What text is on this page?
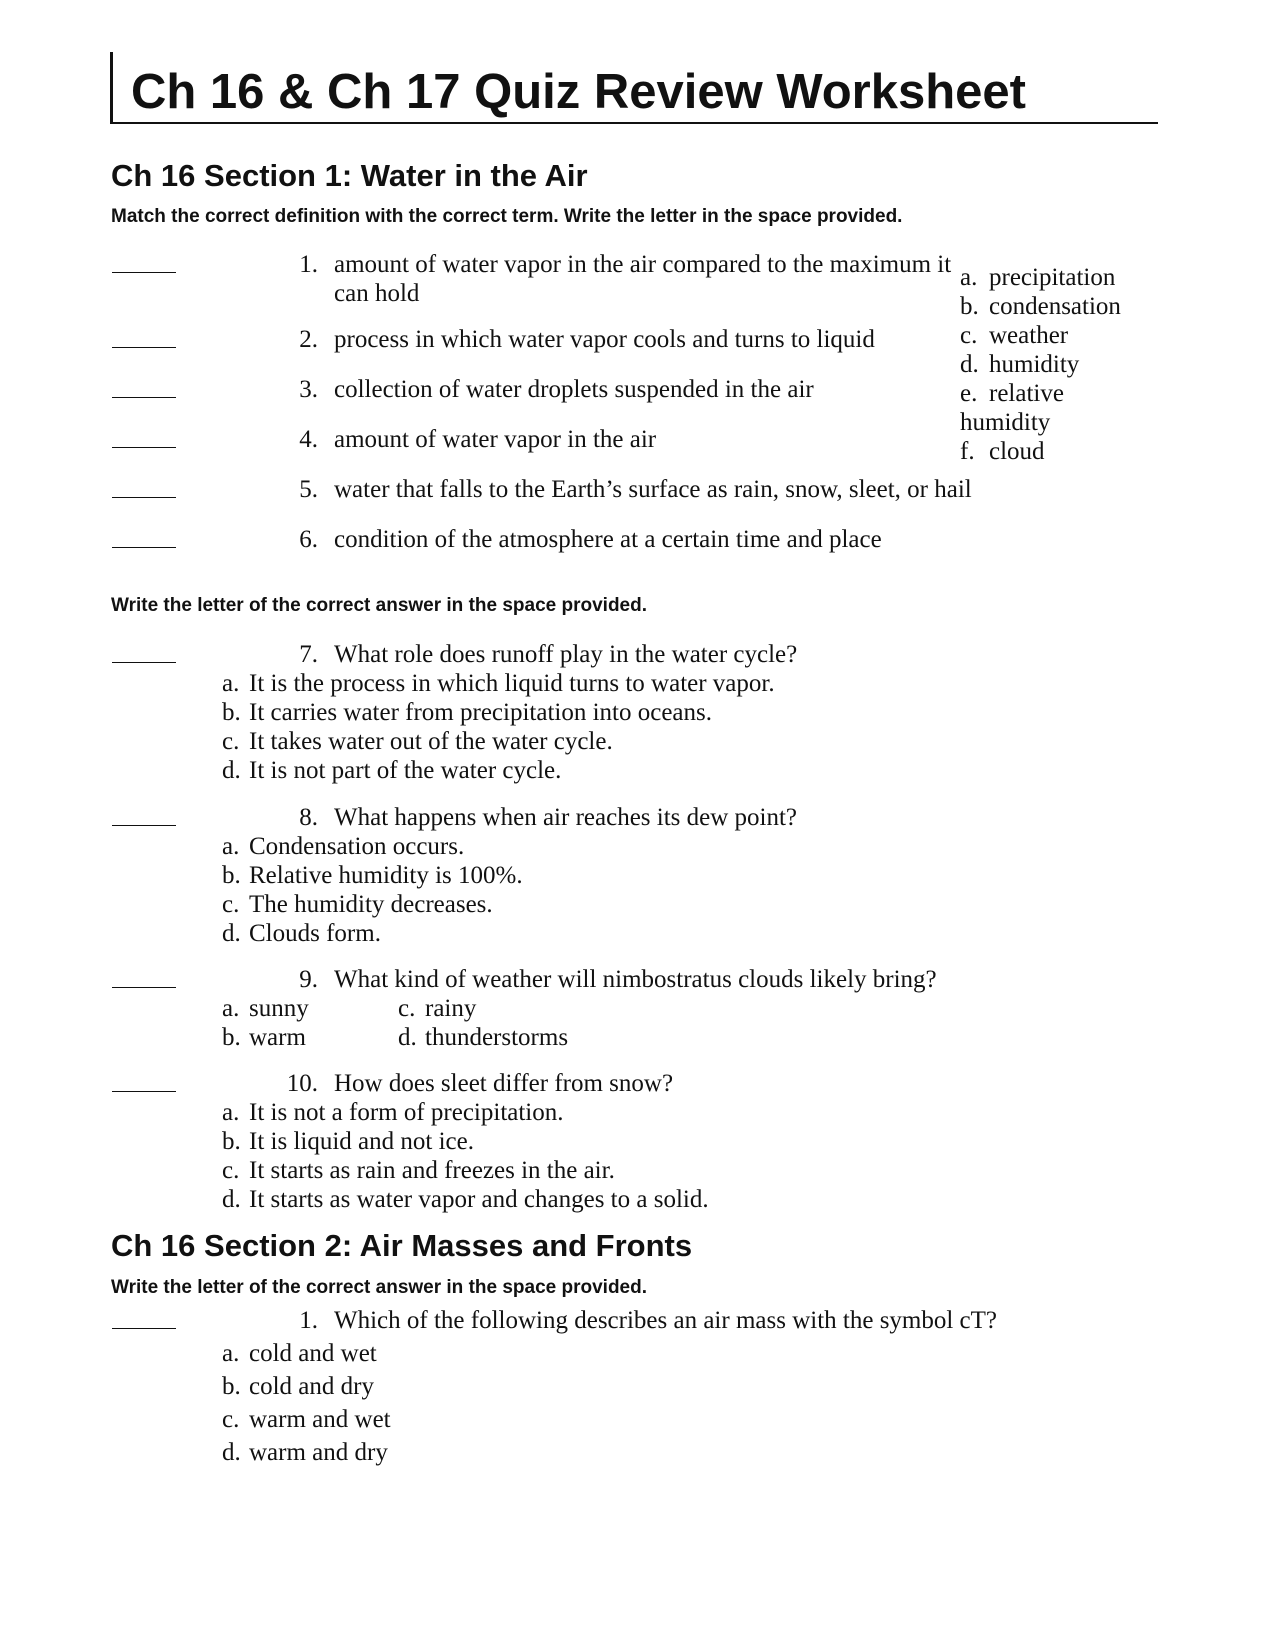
Ch 16 & Ch 17 Quiz Review Worksheet
Ch 16 Section 1: Water in the Air

Match the correct definition with the correct term. Write the letter in the space provided.

1. amount of water vapor in the air compared to the maximum it
can hold
2. process in which water vapor cools and turns to liquid
3. collection of water droplets suspended in the air
4. amount of water vapor in the air
5. water that falls to the Earth’s surface as rain, snow, sleet, or hail
6. condition of the atmosphere at a certain time and place
a. precipitation
b. condensation
c. weather
d. humidity
e. relative
humidity
f. cloud

Write the letter of the correct answer in the space provided.

7. What role does runoff play in the water cycle?
a. It is the process in which liquid turns to water vapor.
b. It carries water from precipitation into oceans.
c. It takes water out of the water cycle.
d. It is not part of the water cycle.
8. What happens when air reaches its dew point?
a. Condensation occurs.
b. Relative humidity is 100%.
c. The humidity decreases.
d. Clouds form.
9. What kind of weather will nimbostratus clouds likely bring?
a. sunny
b. warm
c. rainy
d. thunderstorms
10. How does sleet differ from snow?
a. It is not a form of precipitation.
b. It is liquid and not ice.
c. It starts as rain and freezes in the air.
d. It starts as water vapor and changes to a solid.
Ch 16 Section 2: Air Masses and Fronts

Write the letter of the correct answer in the space provided.

1. Which of the following describes an air mass with the symbol cT?
a. cold and wet
b. cold and dry
c. warm and wet
d. warm and dry
